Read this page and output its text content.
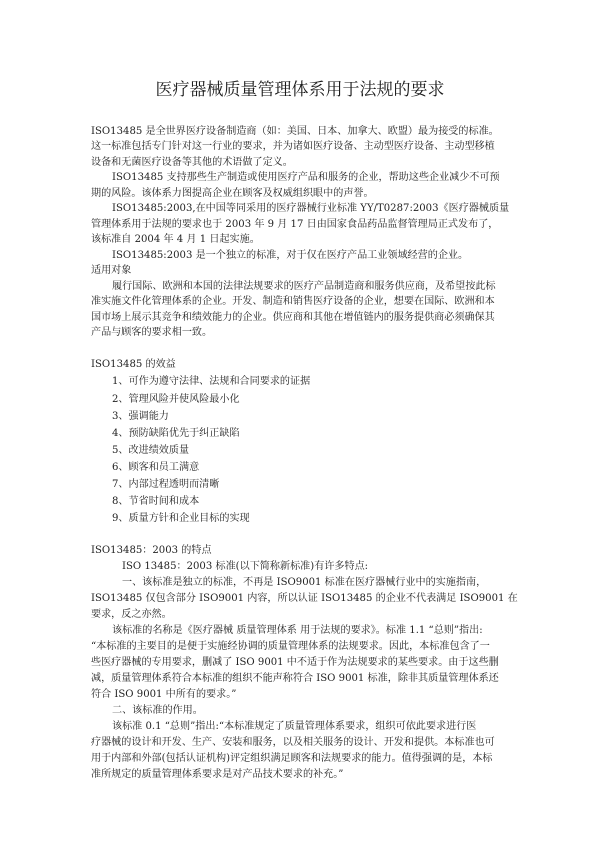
医疗器械质量管理体系用于法规的要求
ISO13485 是全世界医疗设备制造商（如：美国、日本、加拿大、欧盟）最为接受的标准。
这一标准包括专门针对这一行业的要求，并为诸如医疗设备、主动型医疗设备、主动型移植
设备和无菌医疗设备等其他的术语做了定义。
ISO13485 支持那些生产制造或使用医疗产品和服务的企业，帮助这些企业减少不可预
期的风险。该体系力图提高企业在顾客及权威组织眼中的声誉。
ISO13485:2003,在中国等同采用的医疗器械行业标准 YY/T0287:2003《医疗器械质量
管理体系用于法规的要求也于 2003 年 9 月 17 日由国家食品药品监督管理局正式发布了，
该标准自 2004 年 4 月 1 日起实施。
ISO13485:2003 是一个独立的标准，对于仅在医疗产品工业领域经营的企业。
适用对象
履行国际、欧洲和本国的法律法规要求的医疗产品制造商和服务供应商，及希望按此标
准实施文件化管理体系的企业。开发、制造和销售医疗设备的企业，想要在国际、欧洲和本
国市场上展示其竞争和绩效能力的企业。供应商和其他在增值链内的服务提供商必须确保其
产品与顾客的要求相一致。
ISO13485 的效益
1、可作为遵守法律、法规和合同要求的证据
2、管理风险并使风险最小化
3、强调能力
4、预防缺陷优先于纠正缺陷
5、改进绩效质量
6、顾客和员工满意
7、内部过程透明而清晰
8、节省时间和成本
9、质量方针和企业目标的实现
ISO13485：2003 的特点
ISO 13485：2003 标准(以下简称新标准)有许多特点:
一、该标准是独立的标准，不再是 ISO9001 标准在医疗器械行业中的实施指南，
ISO13485 仅包含部分 ISO9001 内容，所以认证 ISO13485 的企业不代表满足 ISO9001 在
要求，反之亦然。
该标准的名称是《医疗器械 质量管理体系 用于法规的要求》。标准 1.1 “总则”指出:
“本标准的主要目的是便于实施经协调的质量管理体系的法规要求。因此，本标准包含了一
些医疗器械的专用要求，删减了 ISO 9001 中不适于作为法规要求的某些要求。由于这些删
减，质量管理体系符合本标准的组织不能声称符合 ISO 9001 标准，除非其质量管理体系还
符合 ISO 9001 中所有的要求。”
二、该标准的作用。
该标准 0.1 “总则”指出:“本标准规定了质量管理体系要求，组织可依此要求进行医
疗器械的设计和开发、生产、安装和服务，以及相关服务的设计、开发和提供。本标准也可
用于内部和外部(包括认证机构)评定组织满足顾客和法规要求的能力。值得强调的是，本标
准所规定的质量管理体系要求是对产品技术要求的补充。”
